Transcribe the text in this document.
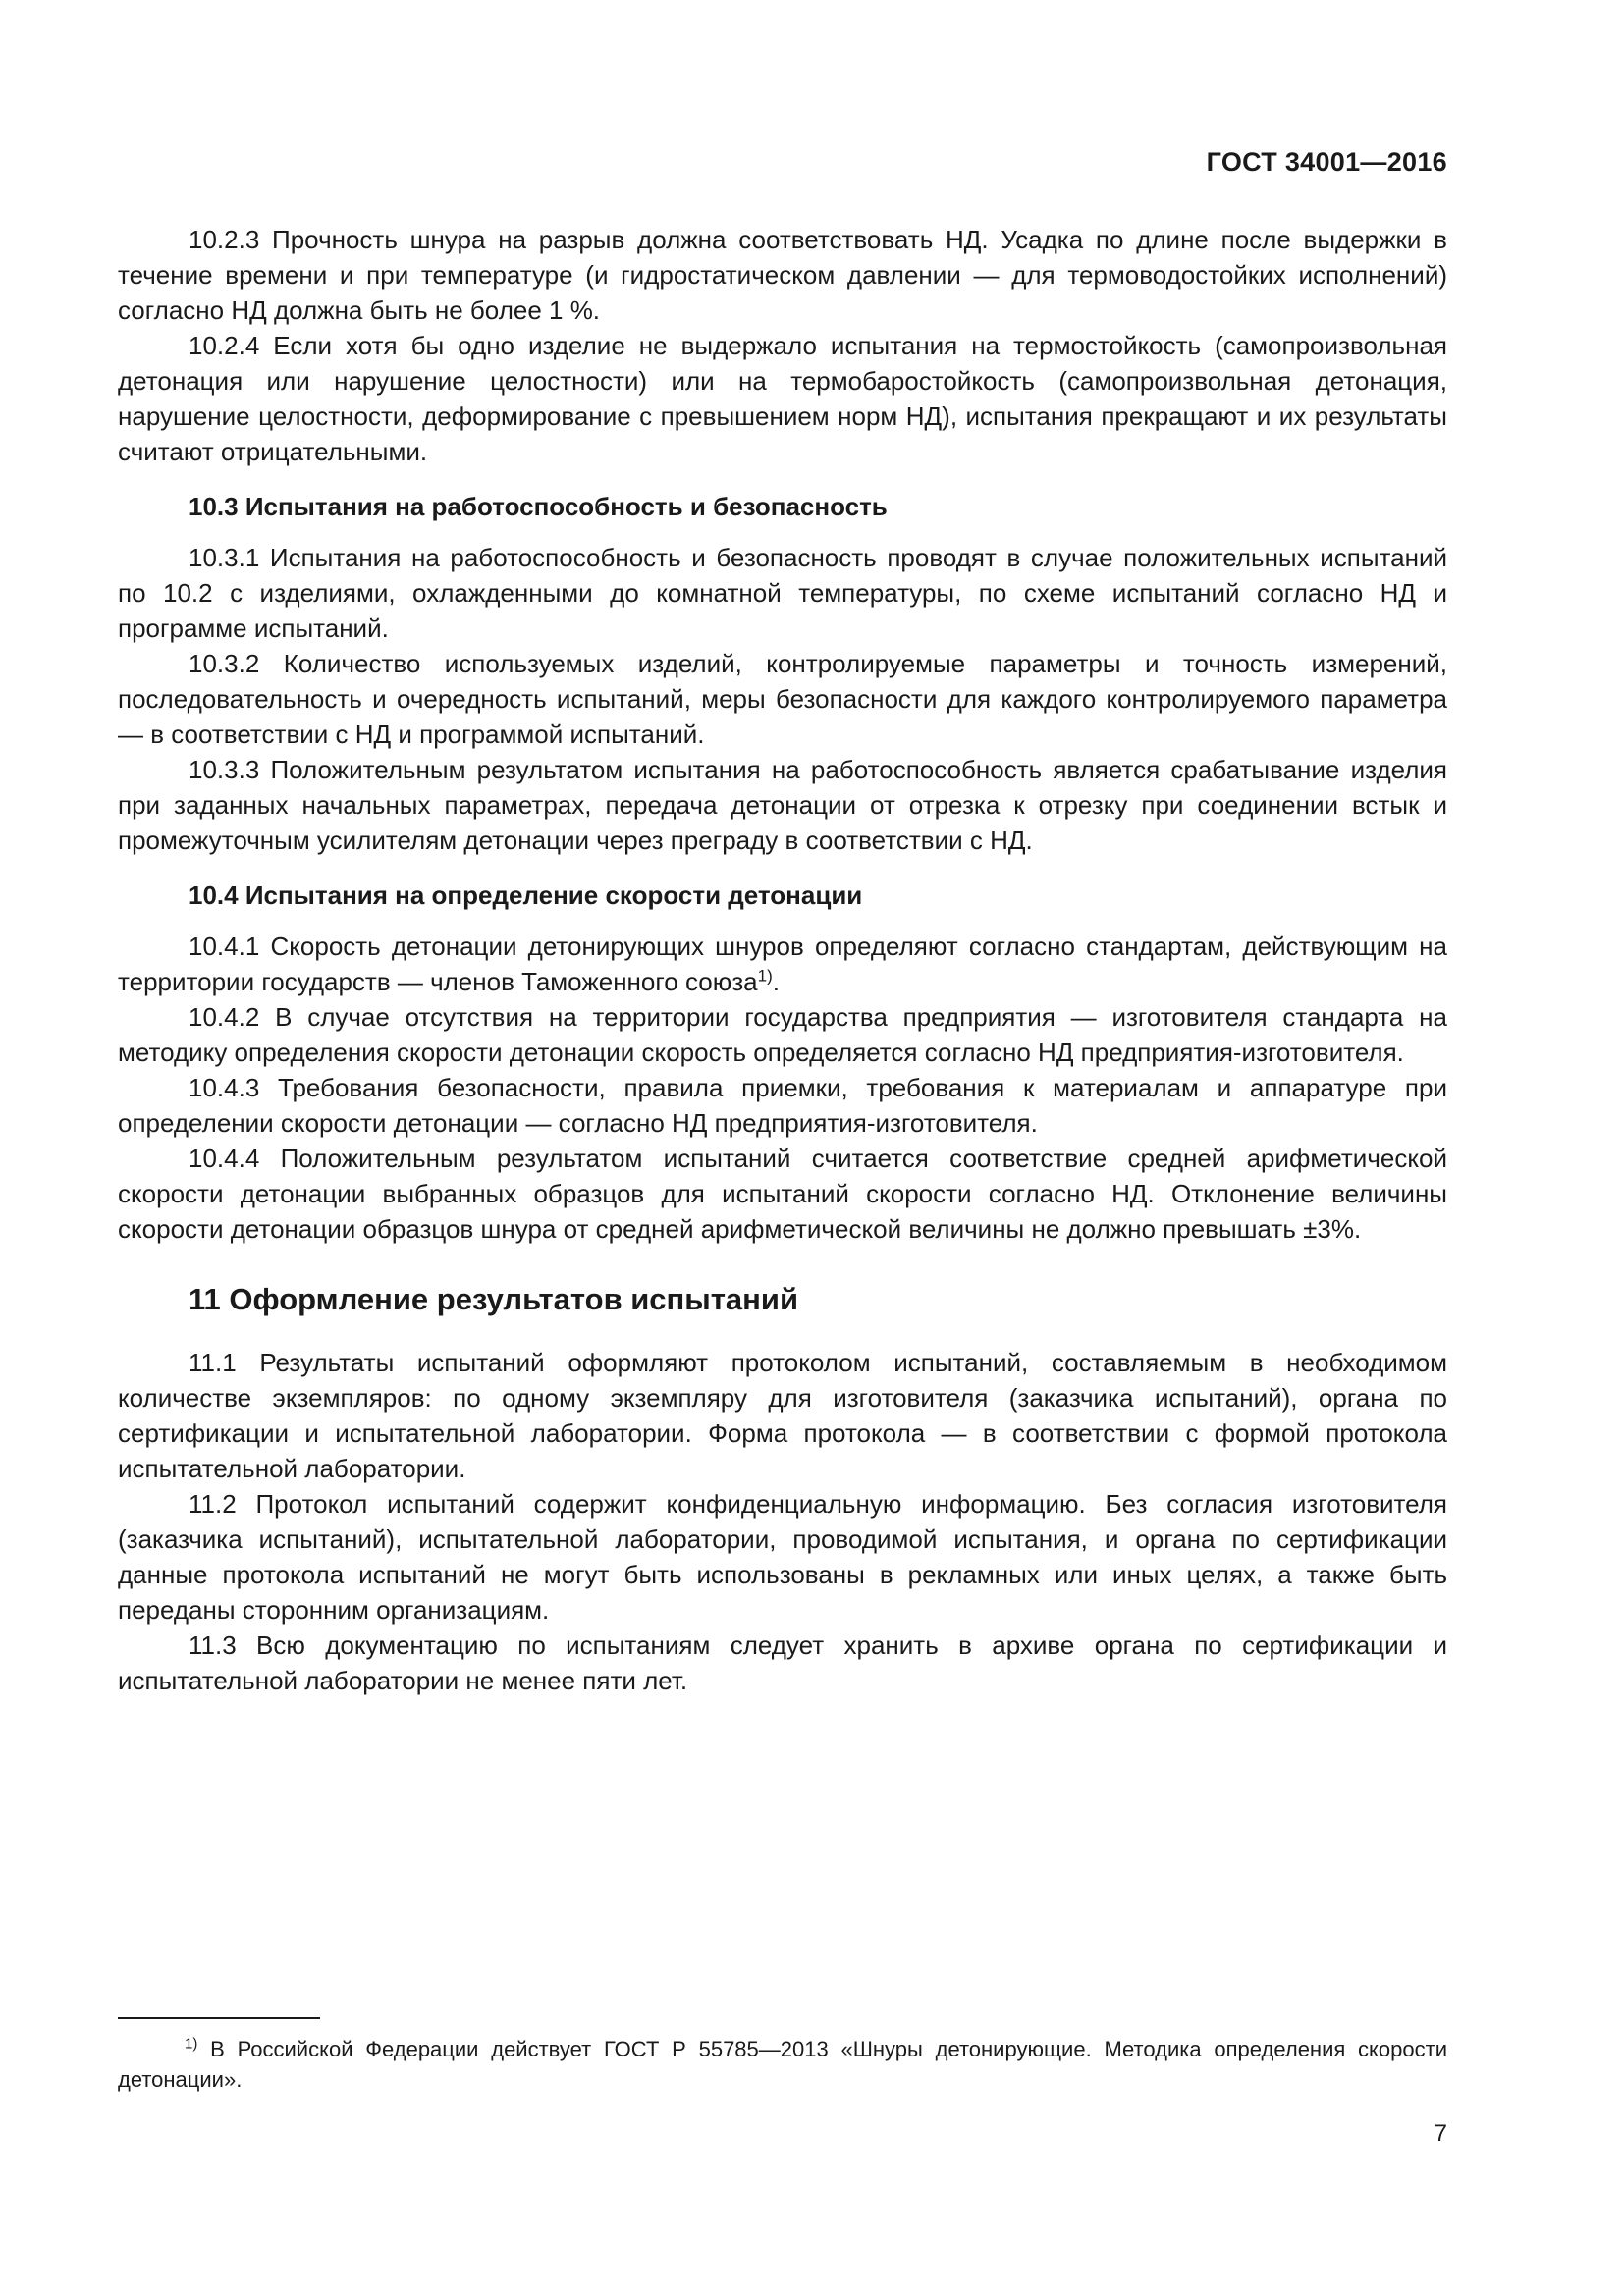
ГОСТ 34001—2016

10.2.3 Прочность шнура на разрыв должна соответствовать НД. Усадка по длине после выдержки в течение времени и при температуре (и гидростатическом давлении — для термоводостойких исполнений) согласно НД должна быть не более 1 %.

10.2.4 Если хотя бы одно изделие не выдержало испытания на термостойкость (самопроизвольная детонация или нарушение целостности) или на термобаростойкость (самопроизвольная детонация, нарушение целостности, деформирование с превышением норм НД), испытания прекращают и их результаты считают отрицательными.

10.3 Испытания на работоспособность и безопасность

10.3.1 Испытания на работоспособность и безопасность проводят в случае положительных испытаний по 10.2 с изделиями, охлажденными до комнатной температуры, по схеме испытаний согласно НД и программе испытаний.

10.3.2 Количество используемых изделий, контролируемые параметры и точность измерений, последовательность и очередность испытаний, меры безопасности для каждого контролируемого параметра — в соответствии с НД и программой испытаний.

10.3.3 Положительным результатом испытания на работоспособность является срабатывание изделия при заданных начальных параметрах, передача детонации от отрезка к отрезку при соединении встык и промежуточным усилителям детонации через преграду в соответствии с НД.

10.4 Испытания на определение скорости детонации

10.4.1 Скорость детонации детонирующих шнуров определяют согласно стандартам, действующим на территории государств — членов Таможенного союза$^{1)}$.

10.4.2 В случае отсутствия на территории государства предприятия — изготовителя стандарта на методику определения скорости детонации скорость определяется согласно НД предприятия-изготовителя.

10.4.3 Требования безопасности, правила приемки, требования к материалам и аппаратуре при определении скорости детонации — согласно НД предприятия-изготовителя.

10.4.4 Положительным результатом испытаний считается соответствие средней арифметической скорости детонации выбранных образцов для испытаний скорости согласно НД. Отклонение величины скорости детонации образцов шнура от средней арифметической величины не должно превышать ±3%.

11 Оформление результатов испытаний

11.1 Результаты испытаний оформляют протоколом испытаний, составляемым в необходимом количестве экземпляров: по одному экземпляру для изготовителя (заказчика испытаний), органа по сертификации и испытательной лаборатории. Форма протокола — в соответствии с формой протокола испытательной лаборатории.

11.2 Протокол испытаний содержит конфиденциальную информацию. Без согласия изготовителя (заказчика испытаний), испытательной лаборатории, проводимой испытания, и органа по сертификации данные протокола испытаний не могут быть использованы в рекламных или иных целях, а также быть переданы сторонним организациям.

11.3 Всю документацию по испытаниям следует хранить в архиве органа по сертификации и испытательной лаборатории не менее пяти лет.

$^{1)}$ В Российской Федерации действует ГОСТ Р 55785—2013 «Шнуры детонирующие. Методика определения скорости детонации».

7
